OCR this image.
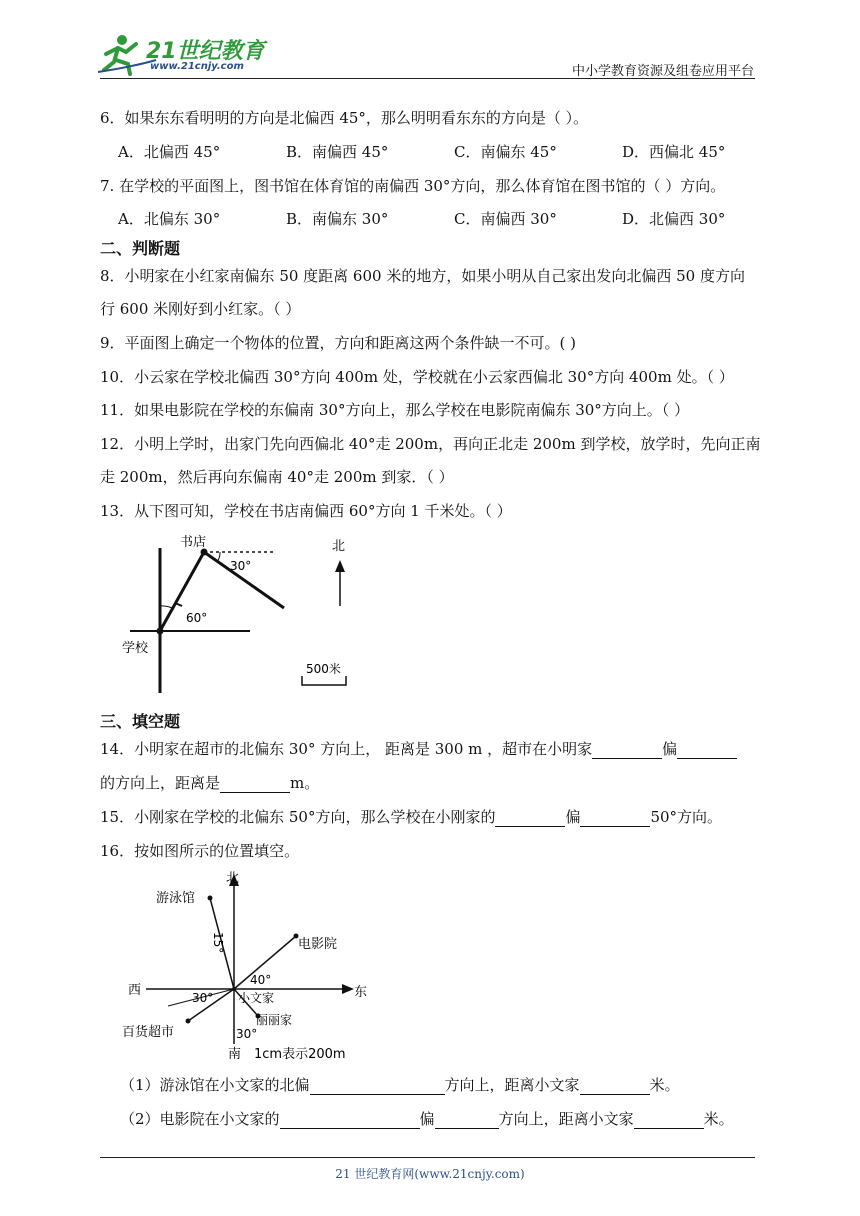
21世纪教育
www.21cnjy.com	中小学教育资源及组卷应用平台
6．如果东东看明明的方向是北偏西 45°，那么明明看东东的方向是（ ）。
A．北偏西 45°	B．南偏西 45°	C．南偏东 45°	D．西偏北 45°
7. 在学校的平面图上，图书馆在体育馆的南偏西 30°方向，那么体育馆在图书馆的（ ）方向。
A．北偏东 30°	B．南偏东 30°	C．南偏西 30°	D．北偏西 30°
二、判断题
8．小明家在小红家南偏东 50 度距离 600 米的地方，如果小明从自己家出发向北偏西 50 度方向
行 600 米刚好到小红家。（ ）
9．平面图上确定一个物体的位置，方向和距离这两个条件缺一不可。( )
10．小云家在学校北偏西 30°方向 400m 处，学校就在小云家西偏北 30°方向 400m 处。（ ）
11．如果电影院在学校的东偏南 30°方向上，那么学校在电影院南偏东 30°方向上。（ ）
12．小明上学时，出家门先向西偏北 40°走 200m，再向正北走 200m 到学校，放学时，先向正南
走 200m，然后再向东偏南 40°走 200m 到家．（ ）
13．从下图可知，学校在书店南偏西 60°方向 1 千米处。（ ）
书店
学校
30°
60°
北
500米
三、填空题
14．小明家在超市的北偏东 30° 方向上， 距离是 300 m ，超市在小明家	偏
的方向上，距离是	m。
15．小刚家在学校的北偏东 50°方向，那么学校在小刚家的	偏	50°方向。
16．按如图所示的位置填空。
北
南
西	东
游泳馆
电影院
小文家
丽丽家
百货超市
15°
40°
30°
30°
1cm表示200m
（1）游泳馆在小文家的北偏	方向上，距离小文家	米。
（2）电影院在小文家的	偏	方向上，距离小文家	米。
21 世纪教育网(www.21cnjy.com)
